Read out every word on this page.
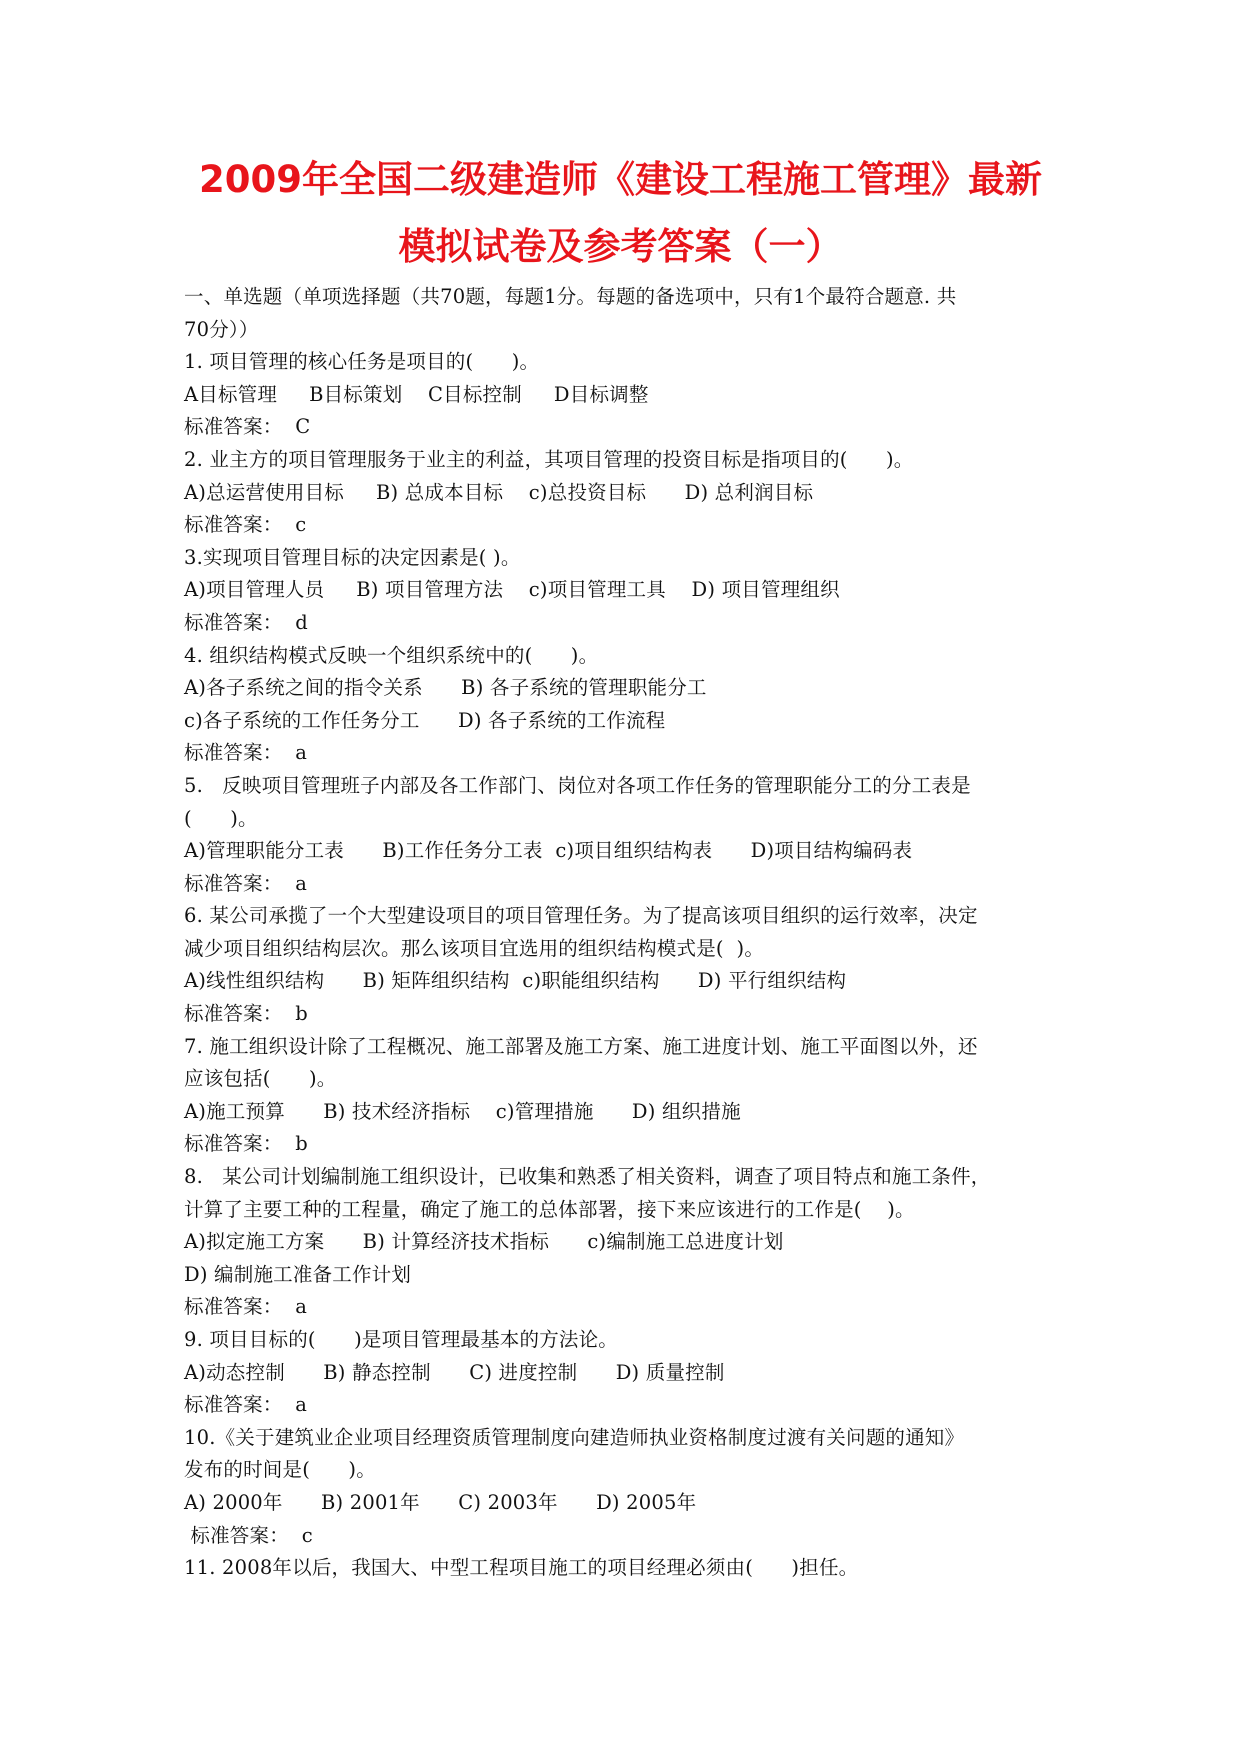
2009年全国二级建造师《建设工程施工管理》最新
模拟试卷及参考答案（一）
一、单选题（单项选择题（共70题，每题1分。每题的备选项中，只有1个最符合题意. 共
70分））
1. 项目管理的核心任务是项目的(      )。
A目标管理     B目标策划    C目标控制     D目标调整
标准答案：  C
2. 业主方的项目管理服务于业主的利益，其项目管理的投资目标是指项目的(      )。
A)总运营使用目标     B) 总成本目标    c)总投资目标      D) 总利润目标
标准答案：  c
3.实现项目管理目标的决定因素是( )。
A)项目管理人员     B) 项目管理方法    c)项目管理工具    D) 项目管理组织
标准答案：  d
4. 组织结构模式反映一个组织系统中的(      )。
A)各子系统之间的指令关系      B) 各子系统的管理职能分工
c)各子系统的工作任务分工      D) 各子系统的工作流程
标准答案：  a
5.   反映项目管理班子内部及各工作部门、岗位对各项工作任务的管理职能分工的分工表是
(      )。
A)管理职能分工表      B)工作任务分工表  c)项目组织结构表      D)项目结构编码表
标准答案：  a
6. 某公司承揽了一个大型建设项目的项目管理任务。为了提高该项目组织的运行效率，决定
减少项目组织结构层次。那么该项目宜选用的组织结构模式是(  )。
A)线性组织结构      B) 矩阵组织结构  c)职能组织结构      D) 平行组织结构
标准答案：  b
7. 施工组织设计除了工程概况、施工部署及施工方案、施工进度计划、施工平面图以外，还
应该包括(      )。
A)施工预算      B) 技术经济指标    c)管理措施      D) 组织措施
标准答案：  b
8.   某公司计划编制施工组织设计，已收集和熟悉了相关资料，调查了项目特点和施工条件，
计算了主要工种的工程量，确定了施工的总体部署，接下来应该进行的工作是(    )。
A)拟定施工方案      B) 计算经济技术指标      c)编制施工总进度计划
D) 编制施工准备工作计划
标准答案：  a
9. 项目目标的(      )是项目管理最基本的方法论。
A)动态控制      B) 静态控制      C) 进度控制      D) 质量控制
标准答案：  a
10.《关于建筑业企业项目经理资质管理制度向建造师执业资格制度过渡有关问题的通知》
发布的时间是(      )。
A) 2000年      B) 2001年      C) 2003年      D) 2005年
标准答案：  c
11. 2008年以后，我国大、中型工程项目施工的项目经理必须由(      )担任。
